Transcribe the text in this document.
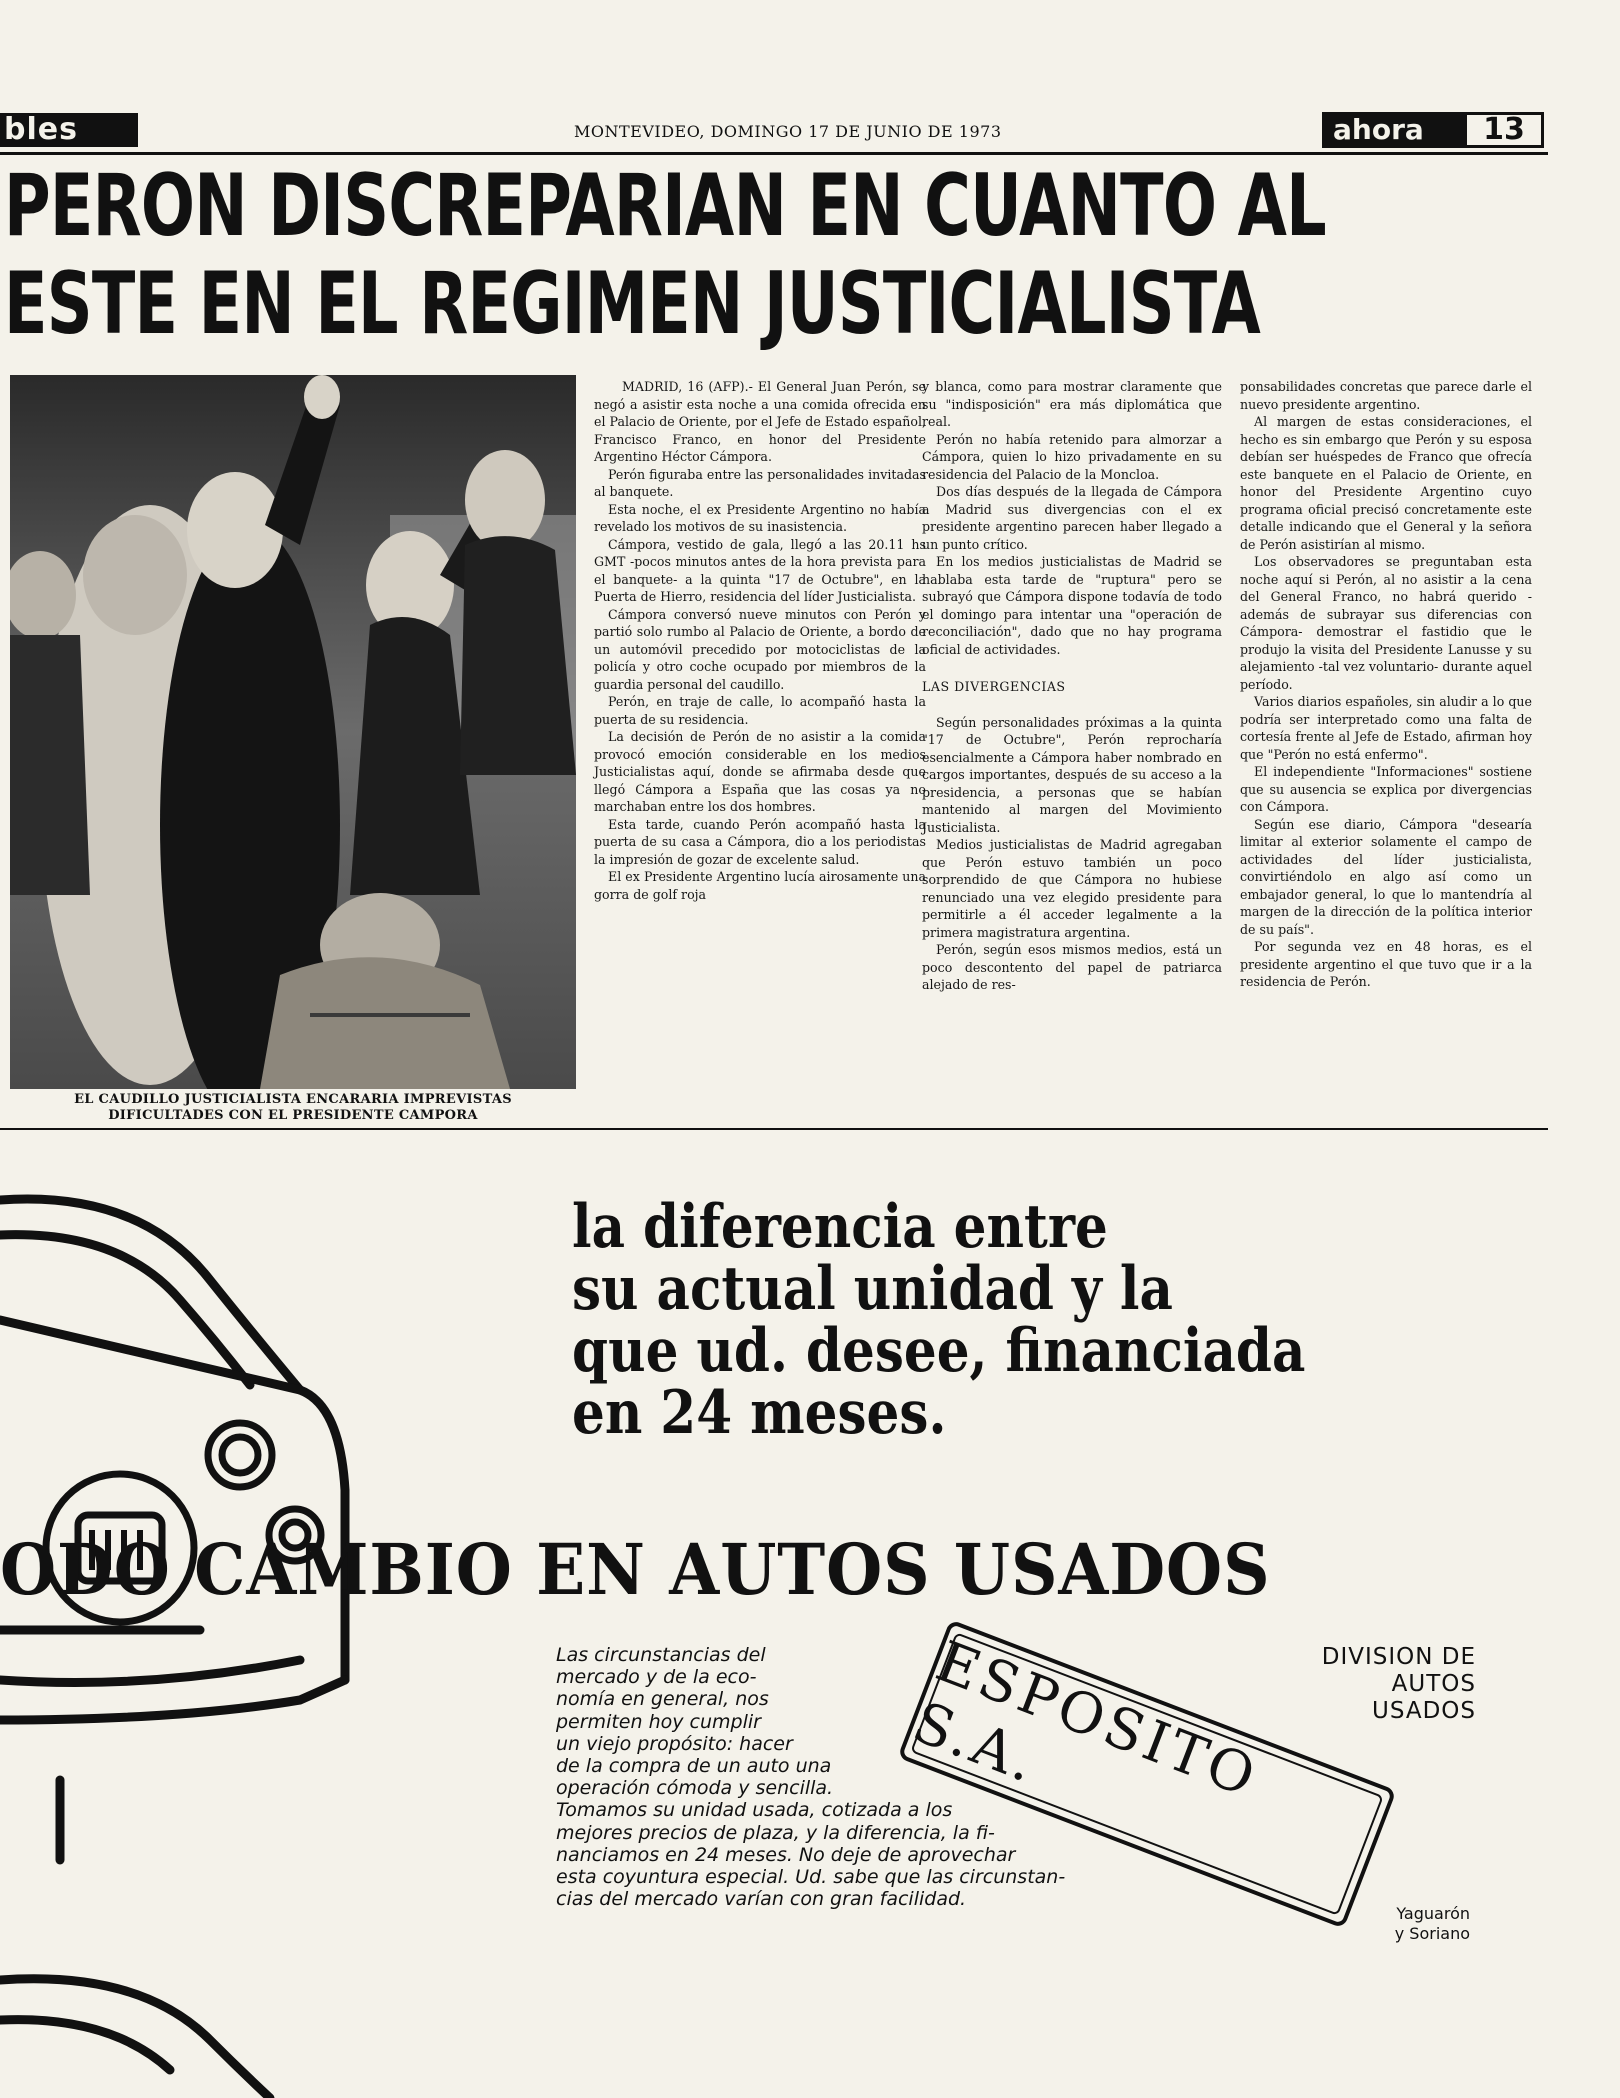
bles	MONTEVIDEO, DOMINGO 17 DE JUNIO DE 1973	ahora	13
PERON DISCREPARIAN EN CUANTO AL
ESTE EN EL REGIMEN JUSTICIALISTA
EL CAUDILLO JUSTICIALISTA ENCARARIA IMPREVISTAS
DIFICULTADES CON EL PRESIDENTE CAMPORA

MADRID, 16 (AFP).- El General Juan Perón, se negó a asistir esta noche a una comida ofrecida en el Palacio de Oriente, por el Jefe de Estado español, Francisco Franco, en honor del Presidente Argentino Héctor Cámpora.

Perón figuraba entre las personalidades invitadas al banquete.

Esta noche, el ex Presidente Argentino no había revelado los motivos de su inasistencia.

Cámpora, vestido de gala, llegó a las 20.11 hs GMT -pocos minutos antes de la hora prevista para el banquete- a la quinta "17 de Octubre", en la Puerta de Hierro, residencia del líder Justicialista.

Cámpora conversó nueve minutos con Perón y partió solo rumbo al Palacio de Oriente, a bordo de un automóvil precedido por motociclistas de la policía y otro coche ocupado por miembros de la guardia personal del caudillo.

Perón, en traje de calle, lo acompañó hasta la puerta de su residencia.

La decisión de Perón de no asistir a la comida provocó emoción considerable en los medios Justicialistas aquí, donde se afirmaba desde que llegó Cámpora a España que las cosas ya no marchaban entre los dos hombres.

Esta tarde, cuando Perón acompañó hasta la puerta de su casa a Cámpora, dio a los periodistas la impresión de gozar de excelente salud.

El ex Presidente Argentino lucía airosamente una gorra de golf roja

y blanca, como para mostrar claramente que su "indisposición" era más diplomática que real.

Perón no había retenido para almorzar a Cámpora, quien lo hizo privadamente en su residencia del Palacio de la Moncloa.

Dos días después de la llegada de Cámpora a Madrid sus divergencias con el ex presidente argentino parecen haber llegado a un punto crítico.

En los medios justicialistas de Madrid se hablaba esta tarde de "ruptura" pero se subrayó que Cámpora dispone todavía de todo el domingo para intentar una "operación de reconciliación", dado que no hay programa oficial de actividades.

LAS DIVERGENCIAS

Según personalidades próximas a la quinta "17 de Octubre", Perón reprocharía esencialmente a Cámpora haber nombrado en cargos importantes, después de su acceso a la presidencia, a personas que se habían mantenido al margen del Movimiento Justicialista.

Medios justicialistas de Madrid agregaban que Perón estuvo también un poco sorprendido de que Cámpora no hubiese renunciado una vez elegido presidente para permitirle a él acceder legalmente a la primera magistratura argentina.

Perón, según esos mismos medios, está un poco descontento del papel de patriarca alejado de res-

ponsabilidades concretas que parece darle el nuevo presidente argentino.

Al margen de estas consideraciones, el hecho es sin embargo que Perón y su esposa debían ser huéspedes de Franco que ofrecía este banquete en el Palacio de Oriente, en honor del Presidente Argentino cuyo programa oficial precisó concretamente este detalle indicando que el General y la señora de Perón asistirían al mismo.

Los observadores se preguntaban esta noche aquí si Perón, al no asistir a la cena del General Franco, no habrá querido -además de subrayar sus diferencias con Cámpora- demostrar el fastidio que le produjo la visita del Presidente Lanusse y su alejamiento -tal vez voluntario- durante aquel período.

Varios diarios españoles, sin aludir a lo que podría ser interpretado como una falta de cortesía frente al Jefe de Estado, afirman hoy que "Perón no está enfermo".

El independiente "Informaciones" sostiene que su ausencia se explica por divergencias con Cámpora.

Según ese diario, Cámpora "desearía limitar al exterior solamente el campo de actividades del líder justicialista, convirtiéndolo en algo así como un embajador general, lo que lo mantendría al margen de la dirección de la política interior de su país".

Por segunda vez en 48 horas, es el presidente argentino el que tuvo que ir a la residencia de Perón.

la diferencia entre
su actual unidad y la
que ud. desee, financiada
en 24 meses.
ODO CAMBIO EN AUTOS USADOS
Las circunstancias del
mercado y de la eco-
nomía en general, nos
permiten hoy cumplir
un viejo propósito: hacer
de la compra de un auto una
operación cómoda y sencilla.
Tomamos su unidad usada, cotizada a los
mejores precios de plaza, y la diferencia, la fi-
nanciamos en 24 meses. No deje de aprovechar
esta coyuntura especial. Ud. sabe que las circunstan-
cias del mercado varían con gran facilidad.
ESPOSITO S.A.
DIVISION DE
AUTOS
USADOS
Yaguarón
y Soriano
